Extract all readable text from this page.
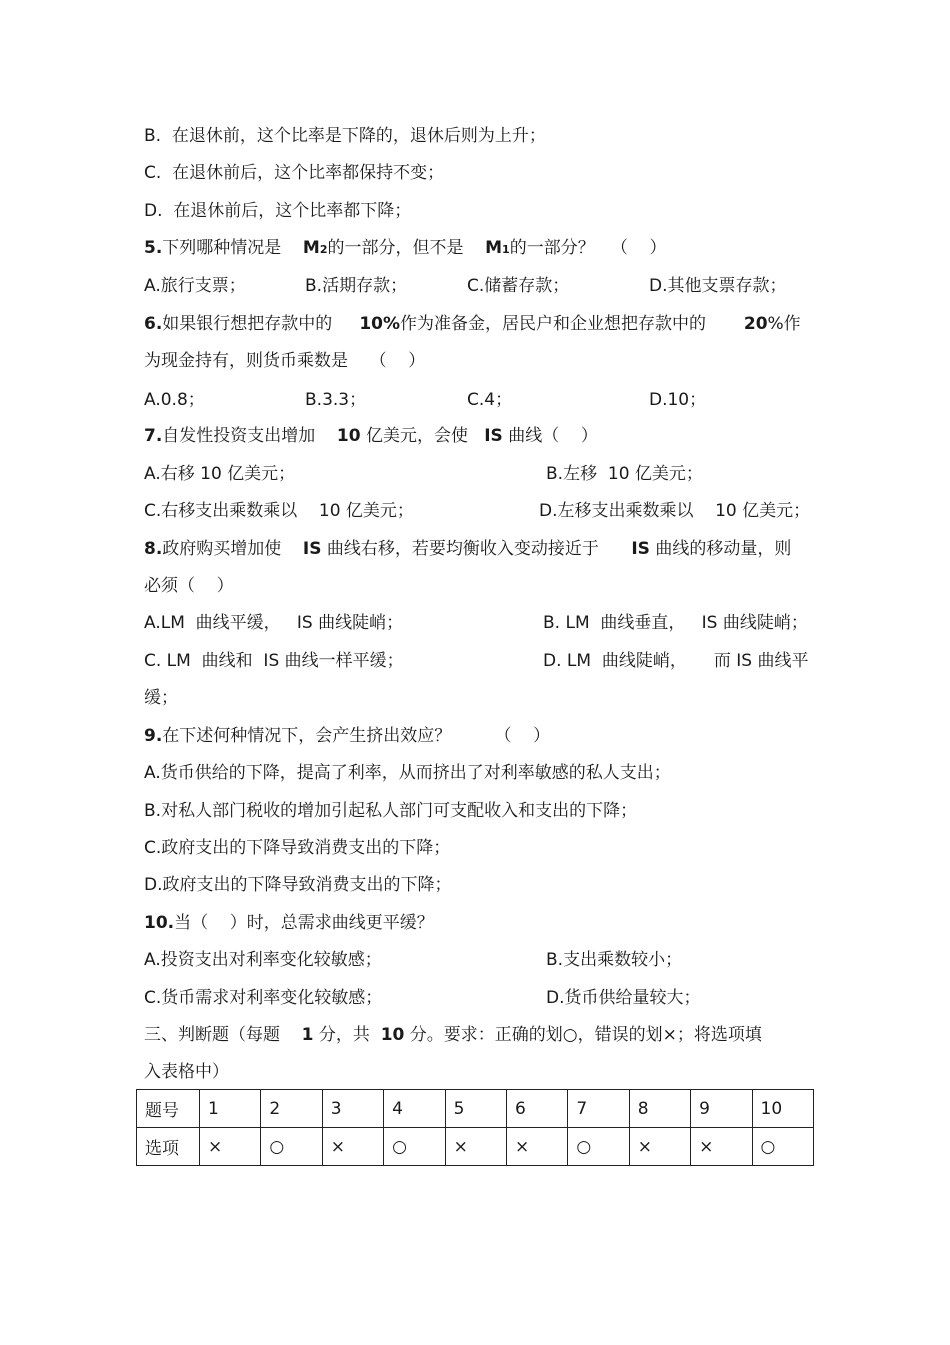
B.  在退休前，这个比率是下降的，退休后则为上升；
C.  在退休前后，这个比率都保持不变；
D.  在退休前后，这个比率都下降；
5.下列哪种情况是 M2的一部分，但不是 M1的一部分？   （    ）
A.旅行支票；	B.活期存款；	C.储蓄存款；	D.其他支票存款；
6.如果银行想把存款中的 10%作为准备金，居民户和企业想把存款中的 20%作
为现金持有，则货币乘数是    （    ）
A.0.8；	B.3.3；	C.4；	D.10；
7.自发性投资支出增加 10 亿美元，会使 IS 曲线（    ）
A.右移 10 亿美元；	B.左移  10 亿美元；
C.右移支出乘数乘以    10 亿美元；	D.左移支出乘数乘以    10 亿美元；
8.政府购买增加使 IS 曲线右移，若要均衡收入变动接近于 IS 曲线的移动量，则
必须（    ）
A.LM  曲线平缓，   IS 曲线陡峭；	B. LM  曲线垂直，   IS 曲线陡峭；
C. LM  曲线和  IS 曲线一样平缓；	D. LM  曲线陡峭，     而 IS 曲线平
缓；
9.在下述何种情况下，会产生挤出效应？        （    ）
A.货币供给的下降，提高了利率，从而挤出了对利率敏感的私人支出；
B.对私人部门税收的增加引起私人部门可支配收入和支出的下降；
C.政府支出的下降导致消费支出的下降；
D.政府支出的下降导致消费支出的下降；
10.当（    ）时，总需求曲线更平缓？
A.投资支出对利率变化较敏感；	B.支出乘数较小；
C.货币需求对利率变化较敏感；	D.货币供给量较大；
三、判断题（每题 1 分，共 10 分。要求：正确的划○，错误的划×；将选项填
入表格中）
题号	1	2	3	4	5	6	7	8	9	10
选项	×	○	×	○	×	×	○	×	×	○
